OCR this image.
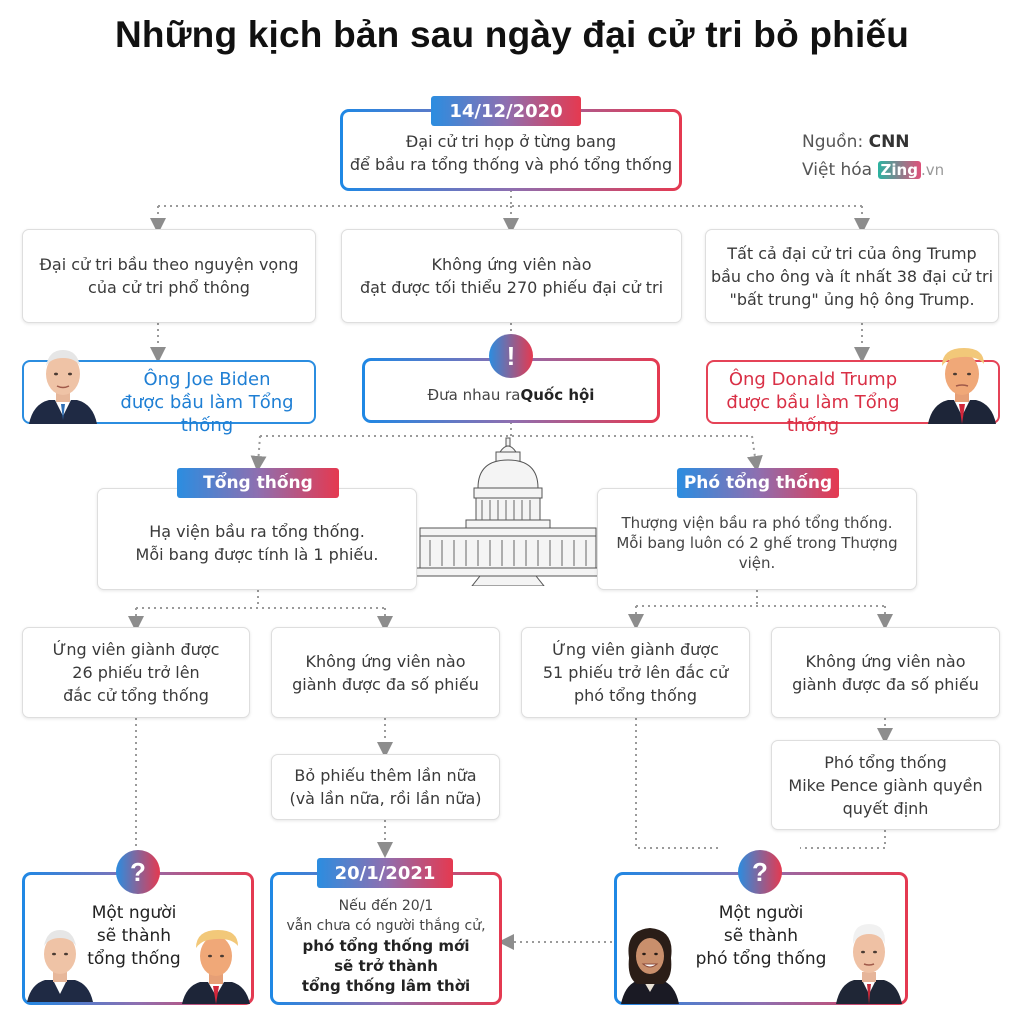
Những kịch bản sau ngày đại cử tri bỏ phiếu
Nguồn: CNN
Việt hóa Zing .vn
Đại cử tri họp ở từng bang
để bầu ra tổng thống và phó tổng thống
14/12/2020
Đại cử tri bầu theo nguyện vọng
của cử tri phổ thông
Không ứng viên nào
đạt được tối thiểu 270 phiếu đại cử tri
Tất cả đại cử tri của ông Trump
bầu cho ông và ít nhất 38 đại cử tri
"bất trung" ủng hộ ông Trump.
Ông Joe Biden
được bầu làm Tổng thống
Đưa nhau ra Quốc hội
!
Ông Donald Trump
được bầu làm Tổng thống
Hạ viện bầu ra tổng thống.
Mỗi bang được tính là 1 phiếu.
Tổng thống
Thượng viện bầu ra phó tổng thống.
Mỗi bang luôn có 2 ghế trong Thượng viện.
Phó tổng thống
Ứng viên giành được
26 phiếu trở lên
đắc cử tổng thống
Không ứng viên nào
giành được đa số phiếu
Ứng viên giành được
51 phiếu trở lên đắc cử
phó tổng thống
Không ứng viên nào
giành được đa số phiếu
Bỏ phiếu thêm lần nữa
(và lần nữa, rồi lần nữa)
Phó tổng thống
Mike Pence giành quyền
quyết định
Một người
sẽ thành
tổng thống
?
Nếu đến 20/1
vẫn chưa có người thắng cử,
phó tổng thống mới
sẽ trở thành
tổng thống lâm thời
20/1/2021
Một người
sẽ thành
phó tổng thống
?
